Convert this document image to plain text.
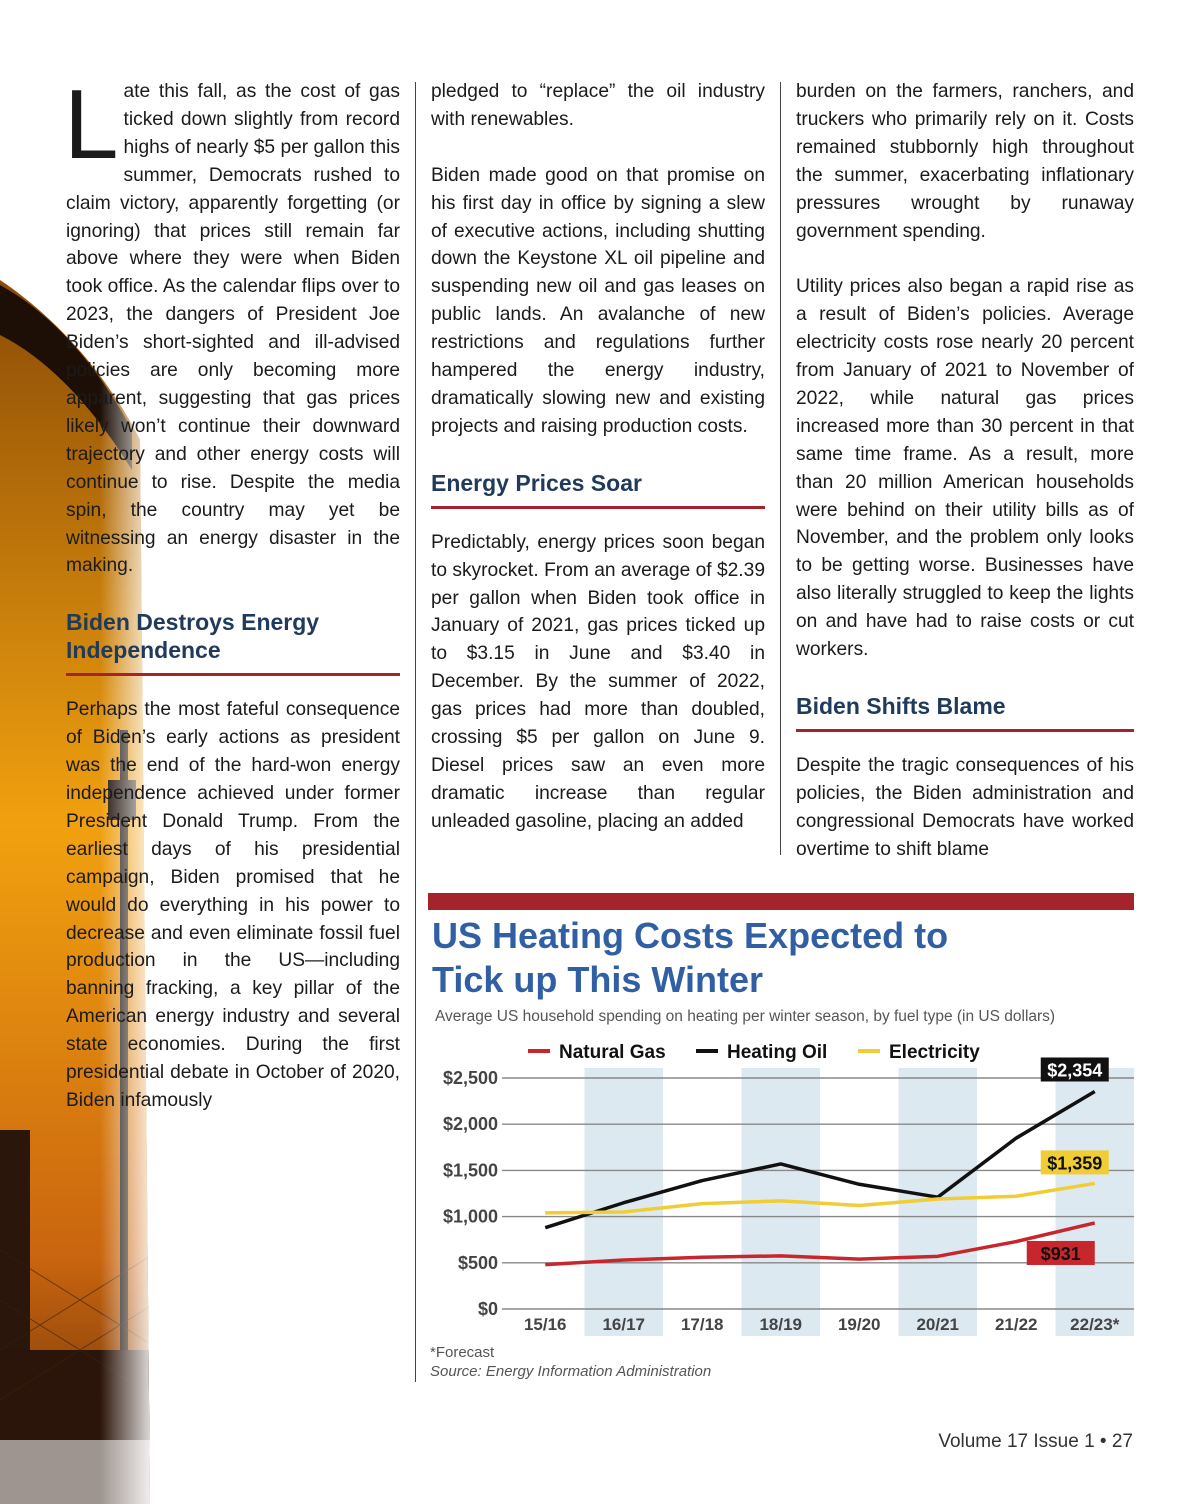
L ate this fall, as the cost of gas ticked down slightly from record highs of nearly $5 per gallon this summer, Democrats rushed to claim victory, apparently forgetting (or ignoring) that prices still remain far above where they were when Biden took office. As the calendar flips over to 2023, the dangers of President Joe Biden’s short-sighted and ill-advised policies are only becoming more apparent, suggesting that gas prices likely won’t continue their downward trajectory and other energy costs will continue to rise. Despite the media spin, the country may yet be witnessing an energy disaster in the making.

Biden Destroys Energy Independence

Perhaps the most fateful consequence of Biden’s early actions as president was the end of the hard-won energy independence achieved under former President Donald Trump. From the earliest days of his presidential campaign, Biden promised that he would do everything in his power to decrease and even eliminate fossil fuel production in the US—including banning fracking, a key pillar of the American energy industry and several state economies. During the first presidential debate in October of 2020, Biden infamously

pledged to “replace” the oil industry with renewables.

Biden made good on that promise on his first day in office by signing a slew of executive actions, including shutting down the Keystone XL oil pipeline and suspending new oil and gas leases on public lands. An avalanche of new restrictions and regulations further hampered the energy industry, dramatically slowing new and existing projects and raising production costs.

Energy Prices Soar

Predictably, energy prices soon began to skyrocket. From an average of $2.39 per gallon when Biden took office in January of 2021, gas prices ticked up to $3.15 in June and $3.40 in December. By the summer of 2022, gas prices had more than doubled, crossing $5 per gallon on June 9. Diesel prices saw an even more dramatic increase than regular unleaded gasoline, placing an added

burden on the farmers, ranchers, and truckers who primarily rely on it. Costs remained stubbornly high throughout the summer, exacerbating inflationary pressures wrought by runaway government spending.

Utility prices also began a rapid rise as a result of Biden’s policies. Average electricity costs rose nearly 20 percent from January of 2021 to November of 2022, while natural gas prices increased more than 30 percent in that same time frame. As a result, more than 20 million American households were behind on their utility bills as of November, and the problem only looks to be getting worse. Businesses have also literally struggled to keep the lights on and have had to raise costs or cut workers.

Biden Shifts Blame

Despite the tragic consequences of his policies, the Biden administration and congressional Democrats have worked overtime to shift blame

US Heating Costs Expected to
Tick up This Winter
Average US household spending on heating per winter season, by fuel type (in US dollars)
$0
$500
$1,000
$1,500
$2,000
$2,500
15/16 16/17 17/18 18/19 19/20 20/21 21/22 22/23*
Natural Gas	Heating Oil	Electricity
$931
$2,354
$1,359
*Forecast
Source: Energy Information Administration
Volume 17 Issue 1 • 27
